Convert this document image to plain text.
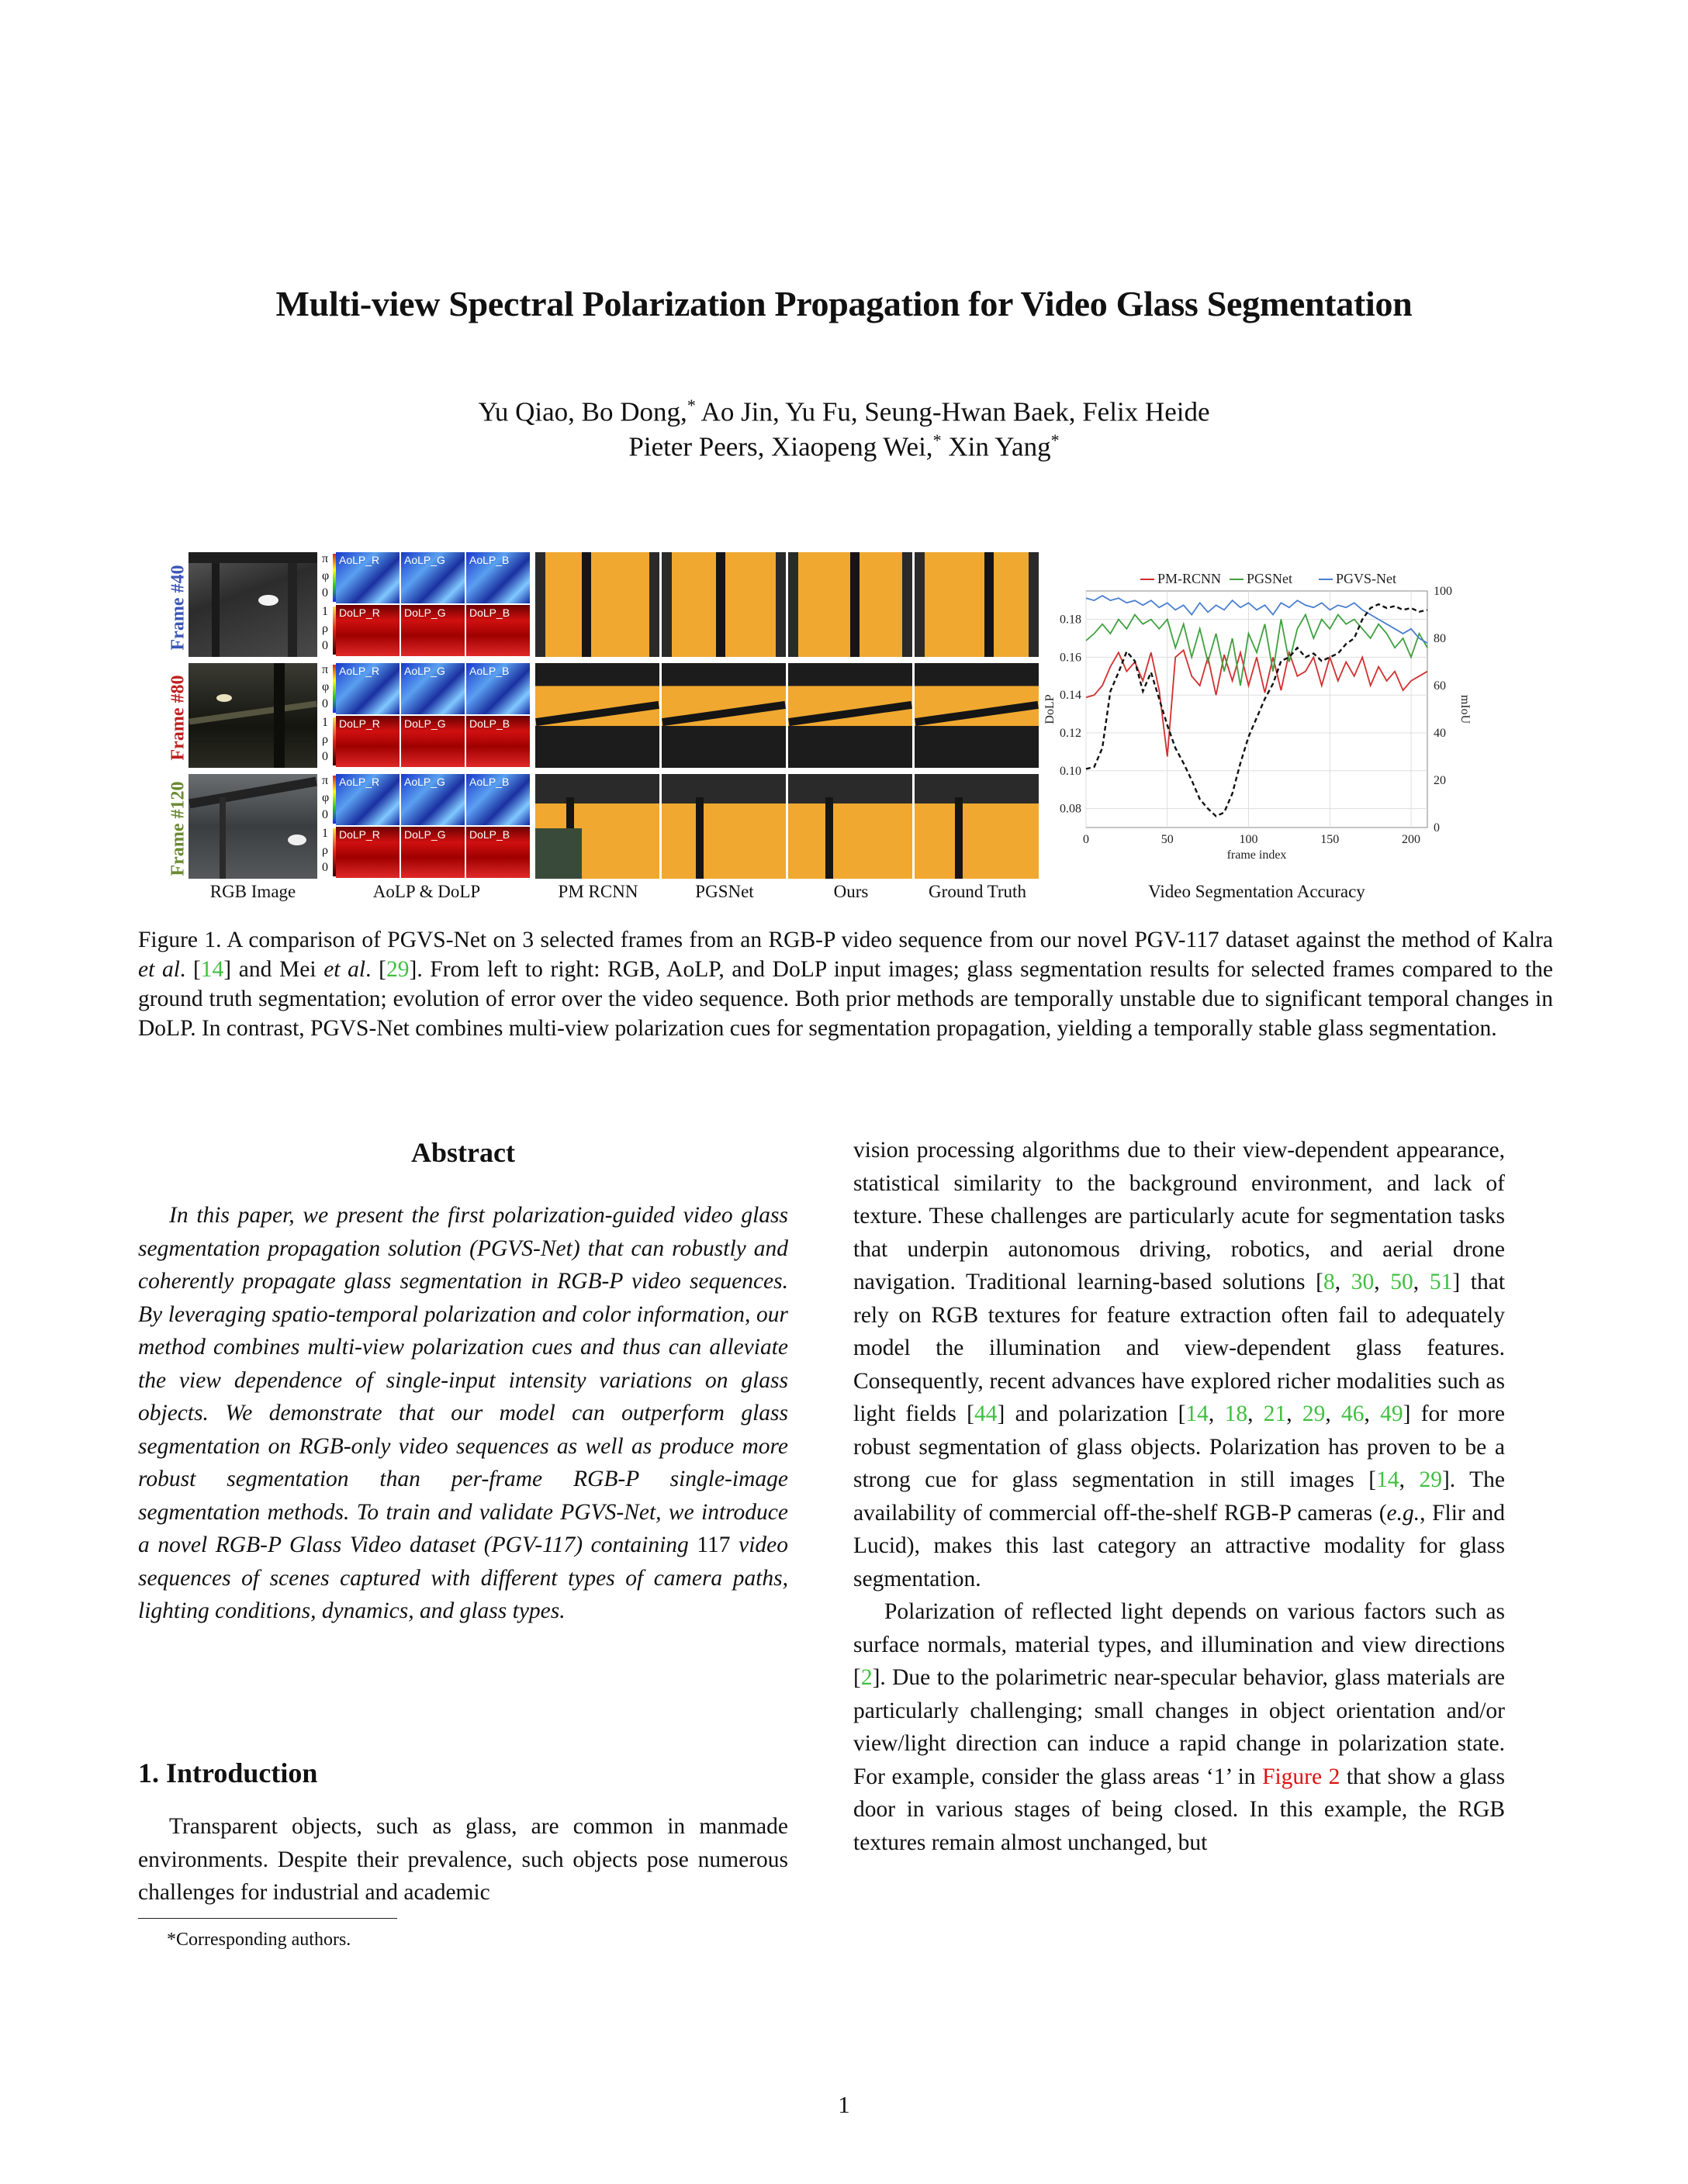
Multi-view Spectral Polarization Propagation for Video Glass Segmentation
Yu Qiao, Bo Dong,* Ao Jin, Yu Fu, Seung-Hwan Baek, Felix Heide
Pieter Peers, Xiaopeng Wei,* Xin Yang*
Frame #40
Frame #80
Frame #120
π
φ
0
1
ρ
0
AoLP_R
DoLP_R
AoLP_G
DoLP_G
AoLP_B
DoLP_B
π
φ
0
1
ρ
0
AoLP_R
DoLP_R
AoLP_G
DoLP_G
AoLP_B
DoLP_B
π
φ
0
1
ρ
0
AoLP_R
DoLP_R
AoLP_G
DoLP_G
AoLP_B
DoLP_B
RGB Image	AoLP & DoLP	PM RCNN	PGSNet	Ours	Ground Truth	Video Segmentation Accuracy
0	50	100	150	200
0.08
0.10
0.12
0.14
0.16
0.18
0
20
40
60
80
100
frame index
DoLP	mIoU
PM-RCNN PGSNet	PGVS-Net
Figure 1. A comparison of PGVS-Net on 3 selected frames from an RGB-P video sequence from our novel PGV-117 dataset against the method of Kalra et al. [14] and Mei et al. [29]. From left to right: RGB, AoLP, and DoLP input images; glass segmentation results for selected frames compared to the ground truth segmentation; evolution of error over the video sequence. Both prior methods are temporally unstable due to significant temporal changes in DoLP. In contrast, PGVS-Net combines multi-view polarization cues for segmentation propagation, yielding a temporally stable glass segmentation.
Abstract
In this paper, we present the first polarization-guided video glass segmentation propagation solution (PGVS-Net) that can robustly and coherently propagate glass segmentation in RGB-P video sequences. By leveraging spatio-temporal polarization and color information, our method combines multi-view polarization cues and thus can alleviate the view dependence of single-input intensity variations on glass objects. We demonstrate that our model can outperform glass segmentation on RGB-only video sequences as well as produce more robust segmentation than per-frame RGB-P single-image segmentation methods. To train and validate PGVS-Net, we introduce a novel RGB-P Glass Video dataset (PGV-117) containing 117 video sequences of scenes captured with different types of camera paths, lighting conditions, dynamics, and glass types.
1. Introduction
Transparent objects, such as glass, are common in manmade environments. Despite their prevalence, such objects pose numerous challenges for industrial and academic
*Corresponding authors.

vision processing algorithms due to their view-dependent appearance, statistical similarity to the background environment, and lack of texture. These challenges are particularly acute for segmentation tasks that underpin autonomous driving, robotics, and aerial drone navigation. Traditional learning-based solutions [8, 30, 50, 51] that rely on RGB textures for feature extraction often fail to adequately model the illumination and view-dependent glass features. Consequently, recent advances have explored richer modalities such as light fields [44] and polarization [14, 18, 21, 29, 46, 49] for more robust segmentation of glass objects. Polarization has proven to be a strong cue for glass segmentation in still images [14, 29]. The availability of commercial off-the-shelf RGB-P cameras (e.g., Flir and Lucid), makes this last category an attractive modality for glass segmentation.

Polarization of reflected light depends on various factors such as surface normals, material types, and illumination and view directions [2]. Due to the polarimetric near-specular behavior, glass materials are particularly challenging; small changes in object orientation and/or view/light direction can induce a rapid change in polarization state. For example, consider the glass areas ‘1’ in Figure 2 that show a glass door in various stages of being closed. In this example, the RGB textures remain almost unchanged, but

1
